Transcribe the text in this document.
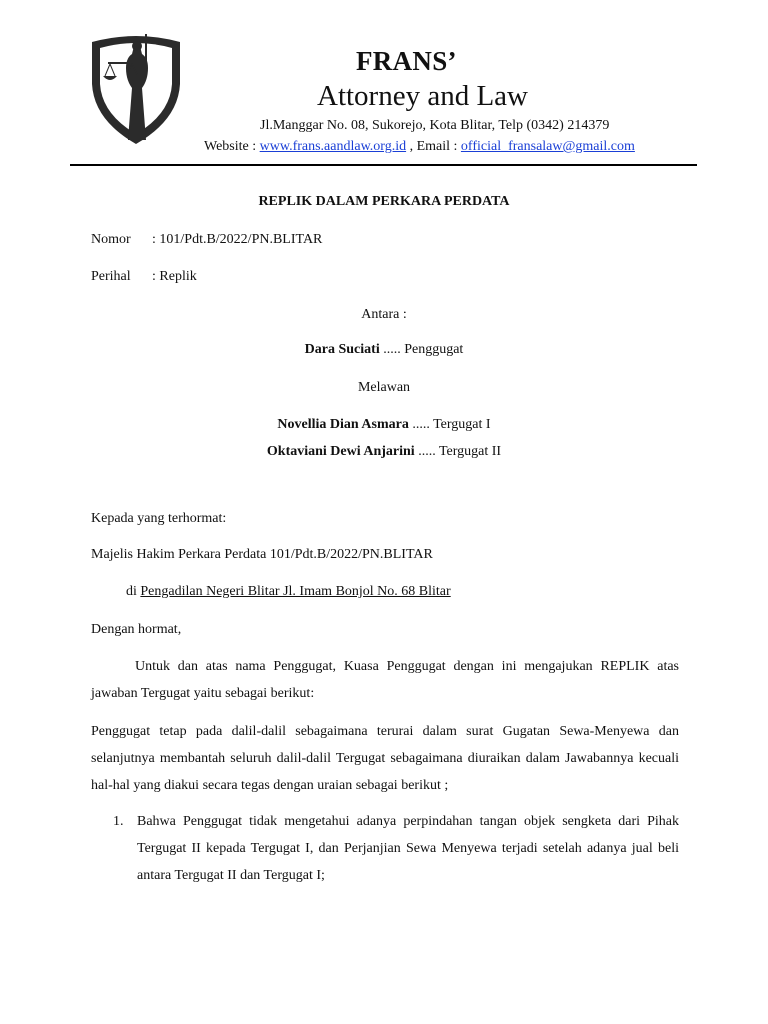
FRANS’
Attorney and Law
Jl.Manggar No. 08, Sukorejo, Kota Blitar, Telp (0342) 214379
Website : www.frans.aandlaw.org.id , Email : official_fransalaw@gmail.com
REPLIK DALAM PERKARA PERDATA
Nomor : 101/Pdt.B/2022/PN.BLITAR
Perihal : Replik
Antara :
Dara Suciati ..... Penggugat
Melawan
Novellia Dian Asmara ..... Tergugat I
Oktaviani Dewi Anjarini ..... Tergugat II
Kepada yang terhormat:
Majelis Hakim Perkara Perdata 101/Pdt.B/2022/PN.BLITAR
di Pengadilan Negeri Blitar Jl. Imam Bonjol No. 68 Blitar
Dengan hormat,
Untuk dan atas nama Penggugat, Kuasa Penggugat dengan ini mengajukan REPLIK atas jawaban Tergugat yaitu sebagai berikut:
Penggugat tetap pada dalil-dalil sebagaimana terurai dalam surat Gugatan Sewa-Menyewa dan selanjutnya membantah seluruh dalil-dalil Tergugat sebagaimana diuraikan dalam Jawabannya kecuali hal-hal yang diakui secara tegas dengan uraian sebagai berikut ;
1. Bahwa Penggugat tidak mengetahui adanya perpindahan tangan objek sengketa dari Pihak Tergugat II kepada Tergugat I, dan Perjanjian Sewa Menyewa terjadi setelah adanya jual beli antara Tergugat II dan Tergugat I;
